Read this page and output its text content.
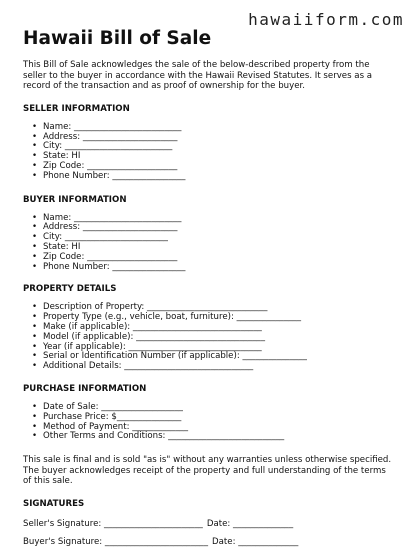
hawaiiform.com
Hawaii Bill of Sale

This Bill of Sale acknowledges the sale of the below-described property from the seller to the buyer in accordance with the Hawaii Revised Statutes. It serves as a record of the transaction and as proof of ownership for the buyer.

SELLER INFORMATION
• Name: _________________________
• Address: ______________________
• City: _________________________
• State: HI
• Zip Code: _____________________
• Phone Number: _________________
BUYER INFORMATION
• Name: _________________________
• Address: ______________________
• City: ________________________
• State: HI
• Zip Code: _____________________
• Phone Number: _________________
PROPERTY DETAILS
• Description of Property: ____________________________
• Property Type (e.g., vehicle, boat, furniture): _______________
• Make (if applicable): ______________________________
• Model (if applicable): ______________________________
• Year (if applicable): _______________________________
• Serial or Identification Number (if applicable): _______________
• Additional Details: ______________________________
PURCHASE INFORMATION
• Date of Sale: ___________________
• Purchase Price: $_______________
• Method of Payment: _____________
• Other Terms and Conditions: ___________________________

This sale is final and is sold "as is" without any warranties unless otherwise specified. The buyer acknowledges receipt of the property and full understanding of the terms of this sale.

SIGNATURES
Seller's Signature: _______________________ Date: ______________
Buyer's Signature: ________________________ Date: ______________
